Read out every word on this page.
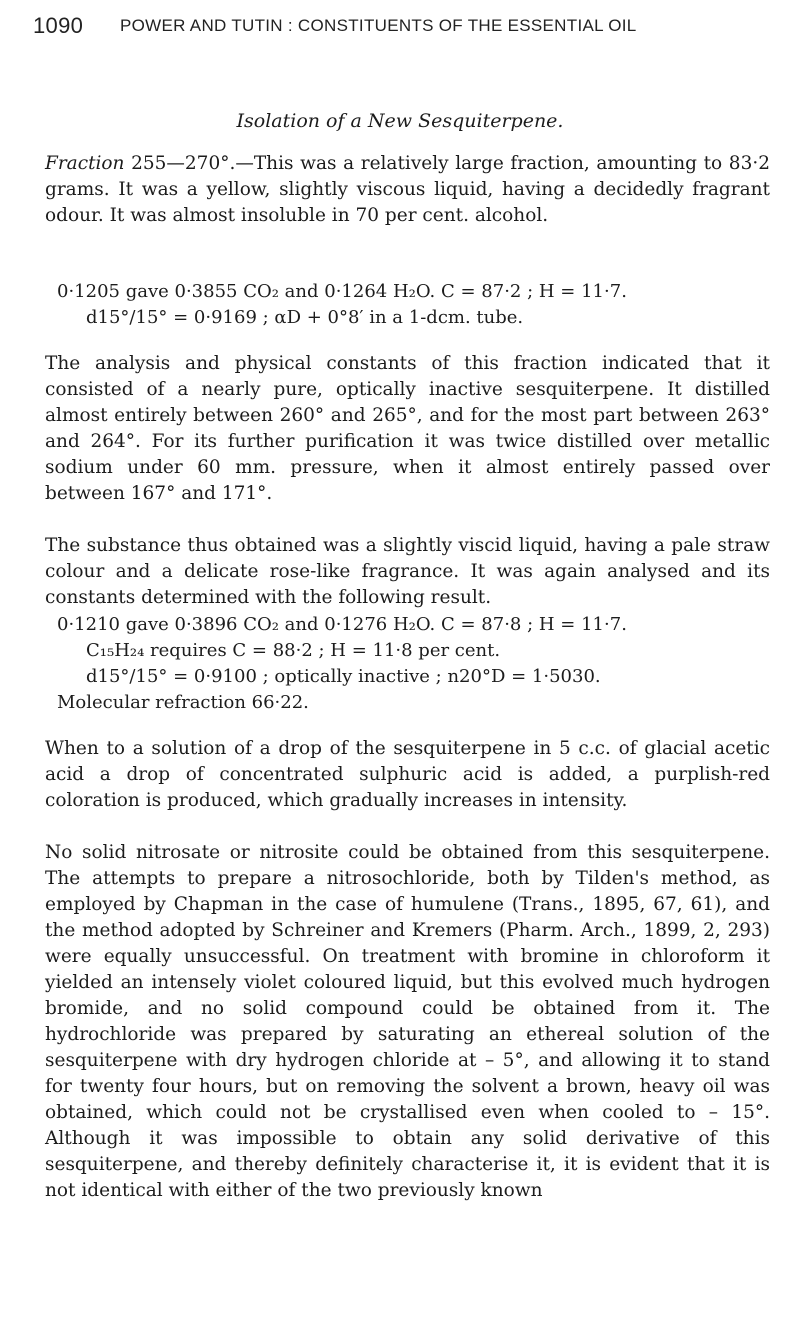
1090 POWER AND TUTIN : CONSTITUENTS OF THE ESSENTIAL OIL
Isolation of a New Sesquiterpene.

Fraction 255—270°.—This was a relatively large fraction, amounting to 83·2 grams. It was a yellow, slightly viscous liquid, having a decidedly fragrant odour. It was almost insoluble in 70 per cent. alcohol.

0·1205 gave 0·3855 CO₂ and 0·1264 H₂O. C = 87·2 ; H = 11·7.
d15°/15° = 0·9169 ; αD + 0°8′ in a 1-dcm. tube.

The analysis and physical constants of this fraction indicated that it consisted of a nearly pure, optically inactive sesquiterpene. It distilled almost entirely between 260° and 265°, and for the most part between 263° and 264°. For its further purification it was twice distilled over metallic sodium under 60 mm. pressure, when it almost entirely passed over between 167° and 171°.

The substance thus obtained was a slightly viscid liquid, having a pale straw colour and a delicate rose-like fragrance. It was again analysed and its constants determined with the following result.

0·1210 gave 0·3896 CO₂ and 0·1276 H₂O. C = 87·8 ; H = 11·7.
C₁₅H₂₄ requires C = 88·2 ; H = 11·8 per cent.
d15°/15° = 0·9100 ; optically inactive ; n20°D = 1·5030.
Molecular refraction 66·22.

When to a solution of a drop of the sesquiterpene in 5 c.c. of glacial acetic acid a drop of concentrated sulphuric acid is added, a purplish-red coloration is produced, which gradually increases in intensity.

No solid nitrosate or nitrosite could be obtained from this sesquiterpene. The attempts to prepare a nitrosochloride, both by Tilden's method, as employed by Chapman in the case of humulene (Trans., 1895, 67, 61), and the method adopted by Schreiner and Kremers (Pharm. Arch., 1899, 2, 293) were equally unsuccessful. On treatment with bromine in chloroform it yielded an intensely violet coloured liquid, but this evolved much hydrogen bromide, and no solid compound could be obtained from it. The hydrochloride was prepared by saturating an ethereal solution of the sesquiterpene with dry hydrogen chloride at – 5°, and allowing it to stand for twenty four hours, but on removing the solvent a brown, heavy oil was obtained, which could not be crystallised even when cooled to – 15°. Although it was impossible to obtain any solid derivative of this sesquiterpene, and thereby definitely characterise it, it is evident that it is not identical with either of the two previously known
